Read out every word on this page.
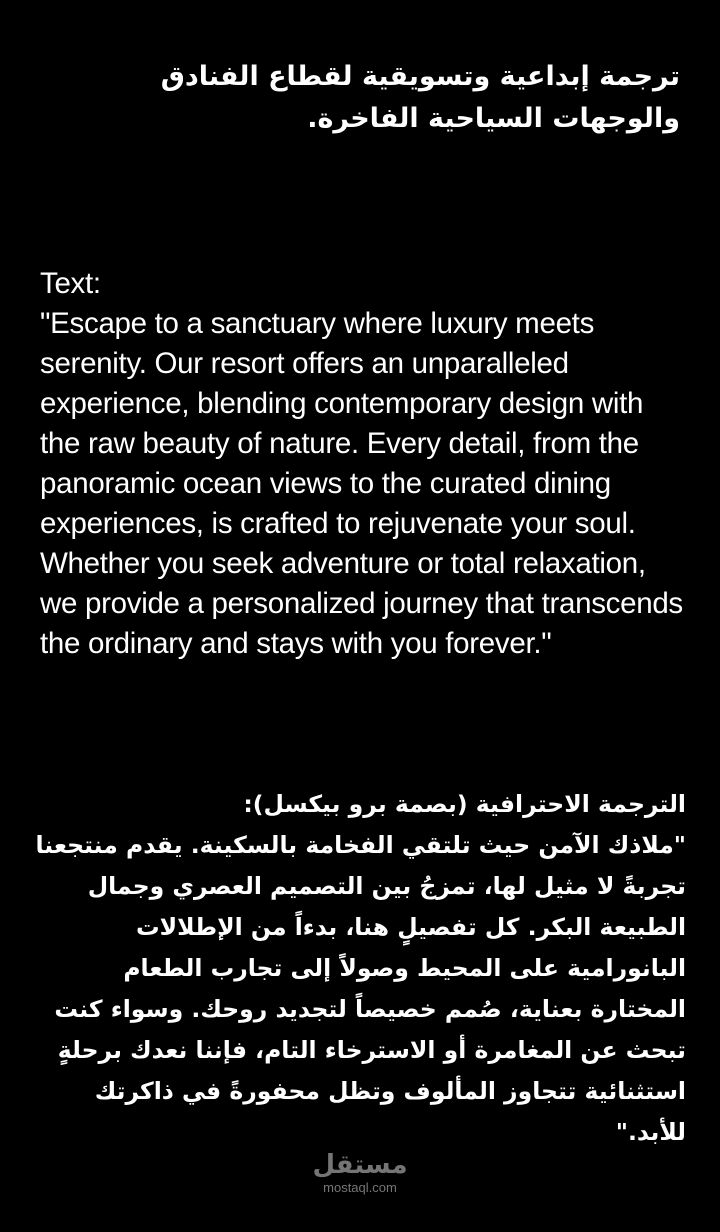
ترجمة إبداعية وتسويقية لقطاع الفنادق والوجهات السياحية الفاخرة.
Text:
"Escape to a sanctuary where luxury meets serenity. Our resort offers an unparalleled experience, blending contemporary design with the raw beauty of nature. Every detail, from the panoramic ocean views to the curated dining experiences, is crafted to rejuvenate your soul. Whether you seek adventure or total relaxation, we provide a personalized journey that transcends the ordinary and stays with you forever."
الترجمة الاحترافية (بصمة برو بيكسل):
"ملاذك الآمن حيث تلتقي الفخامة بالسكينة. يقدم منتجعنا تجربةً لا مثيل لها، تمزجُ بين التصميم العصري وجمال الطبيعة البكر. كل تفصيلٍ هنا، بدءاً من الإطلالات البانورامية على المحيط وصولاً إلى تجارب الطعام المختارة بعناية، صُمم خصيصاً لتجديد روحك. وسواء كنت تبحث عن المغامرة أو الاسترخاء التام، فإننا نعدك برحلةٍ استثنائية تتجاوز المألوف وتظل محفورةً في ذاكرتك للأبد."
مستقل
mostaql.com
